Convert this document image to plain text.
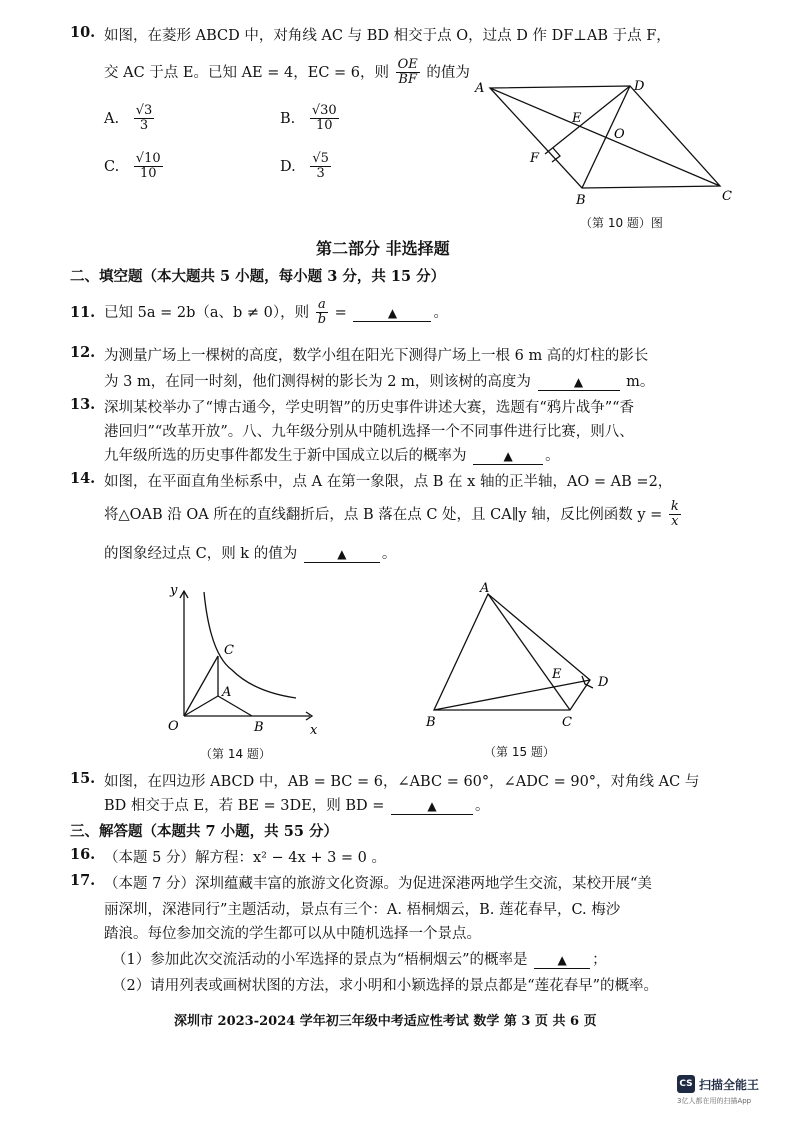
10. 如图，在菱形 ABCD 中，对角线 AC 与 BD 相交于点 O，过点 D 作 DF⊥AB 于点 F，
交 AC 于点 E。已知 AE = 4，EC = 6，则 $\frac{OE}{BF}$ 的值为
A. $\frac{√3}{3}$	B. $\frac{√30}{10}$
C. $\frac{√10}{10}$	D. $\frac{√5}{3}$
A	D
E
O
F
B	C
（第 10 题）图
第二部分 非选择题
二、填空题（本大题共 5 小题，每小题 3 分，共 15 分）
11. 已知 5a = 2b（a、b ≠ 0），则 $\frac{a}{b}$ =	▲	。
12. 为测量广场上一棵树的高度，数学小组在阳光下测得广场上一根 6 m 高的灯柱的影长
为 3 m，在同一时刻，他们测得树的影长为 2 m，则该树的高度为	▲	m。
13. 深圳某校举办了“博古通今，学史明智”的历史事件讲述大赛，选题有“鸦片战争”“香
港回归”“改革开放”。八、九年级分别从中随机选择一个不同事件进行比赛，则八、
九年级所选的历史事件都发生于新中国成立以后的概率为	▲ 。
14. 如图，在平面直角坐标系中，点 A 在第一象限，点 B 在 x 轴的正半轴，AO = AB =2，
将△OAB 沿 OA 所在的直线翻折后，点 B 落在点 C 处，且 CA∥y 轴，反比例函数 $y = \frac{k}{x}$
的图象经过点 C，则 k 的值为	▲ 。
y
x
O
A
B
C
（第 14 题）
A
B	C
D
E
（第 15 题）
15. 如图，在四边形 ABCD 中，AB = BC = 6，∠ABC = 60°，∠ADC = 90°，对角线 AC 与
BD 相交于点 E，若 BE = 3DE，则 BD =	▲	。
三、解答题（本题共 7 小题，共 55 分）
16. （本题 5 分）解方程：x² − 4x + 3 = 0 。
17. （本题 7 分）深圳蕴藏丰富的旅游文化资源。为促进深港两地学生交流，某校开展“美
丽深圳，深港同行”主题活动，景点有三个：A. 梧桐烟云，B. 莲花春早，C. 梅沙
踏浪。每位参加交流的学生都可以从中随机选择一个景点。
（1）参加此次交流活动的小军选择的景点为“梧桐烟云”的概率是 ▲ ；
（2）请用列表或画树状图的方法，求小明和小颖选择的景点都是“莲花春早”的概率。
深圳市 2023-2024 学年初三年级中考适应性考试 数学 第 3 页 共 6 页
CS 扫描全能王
3亿人都在用的扫描App
